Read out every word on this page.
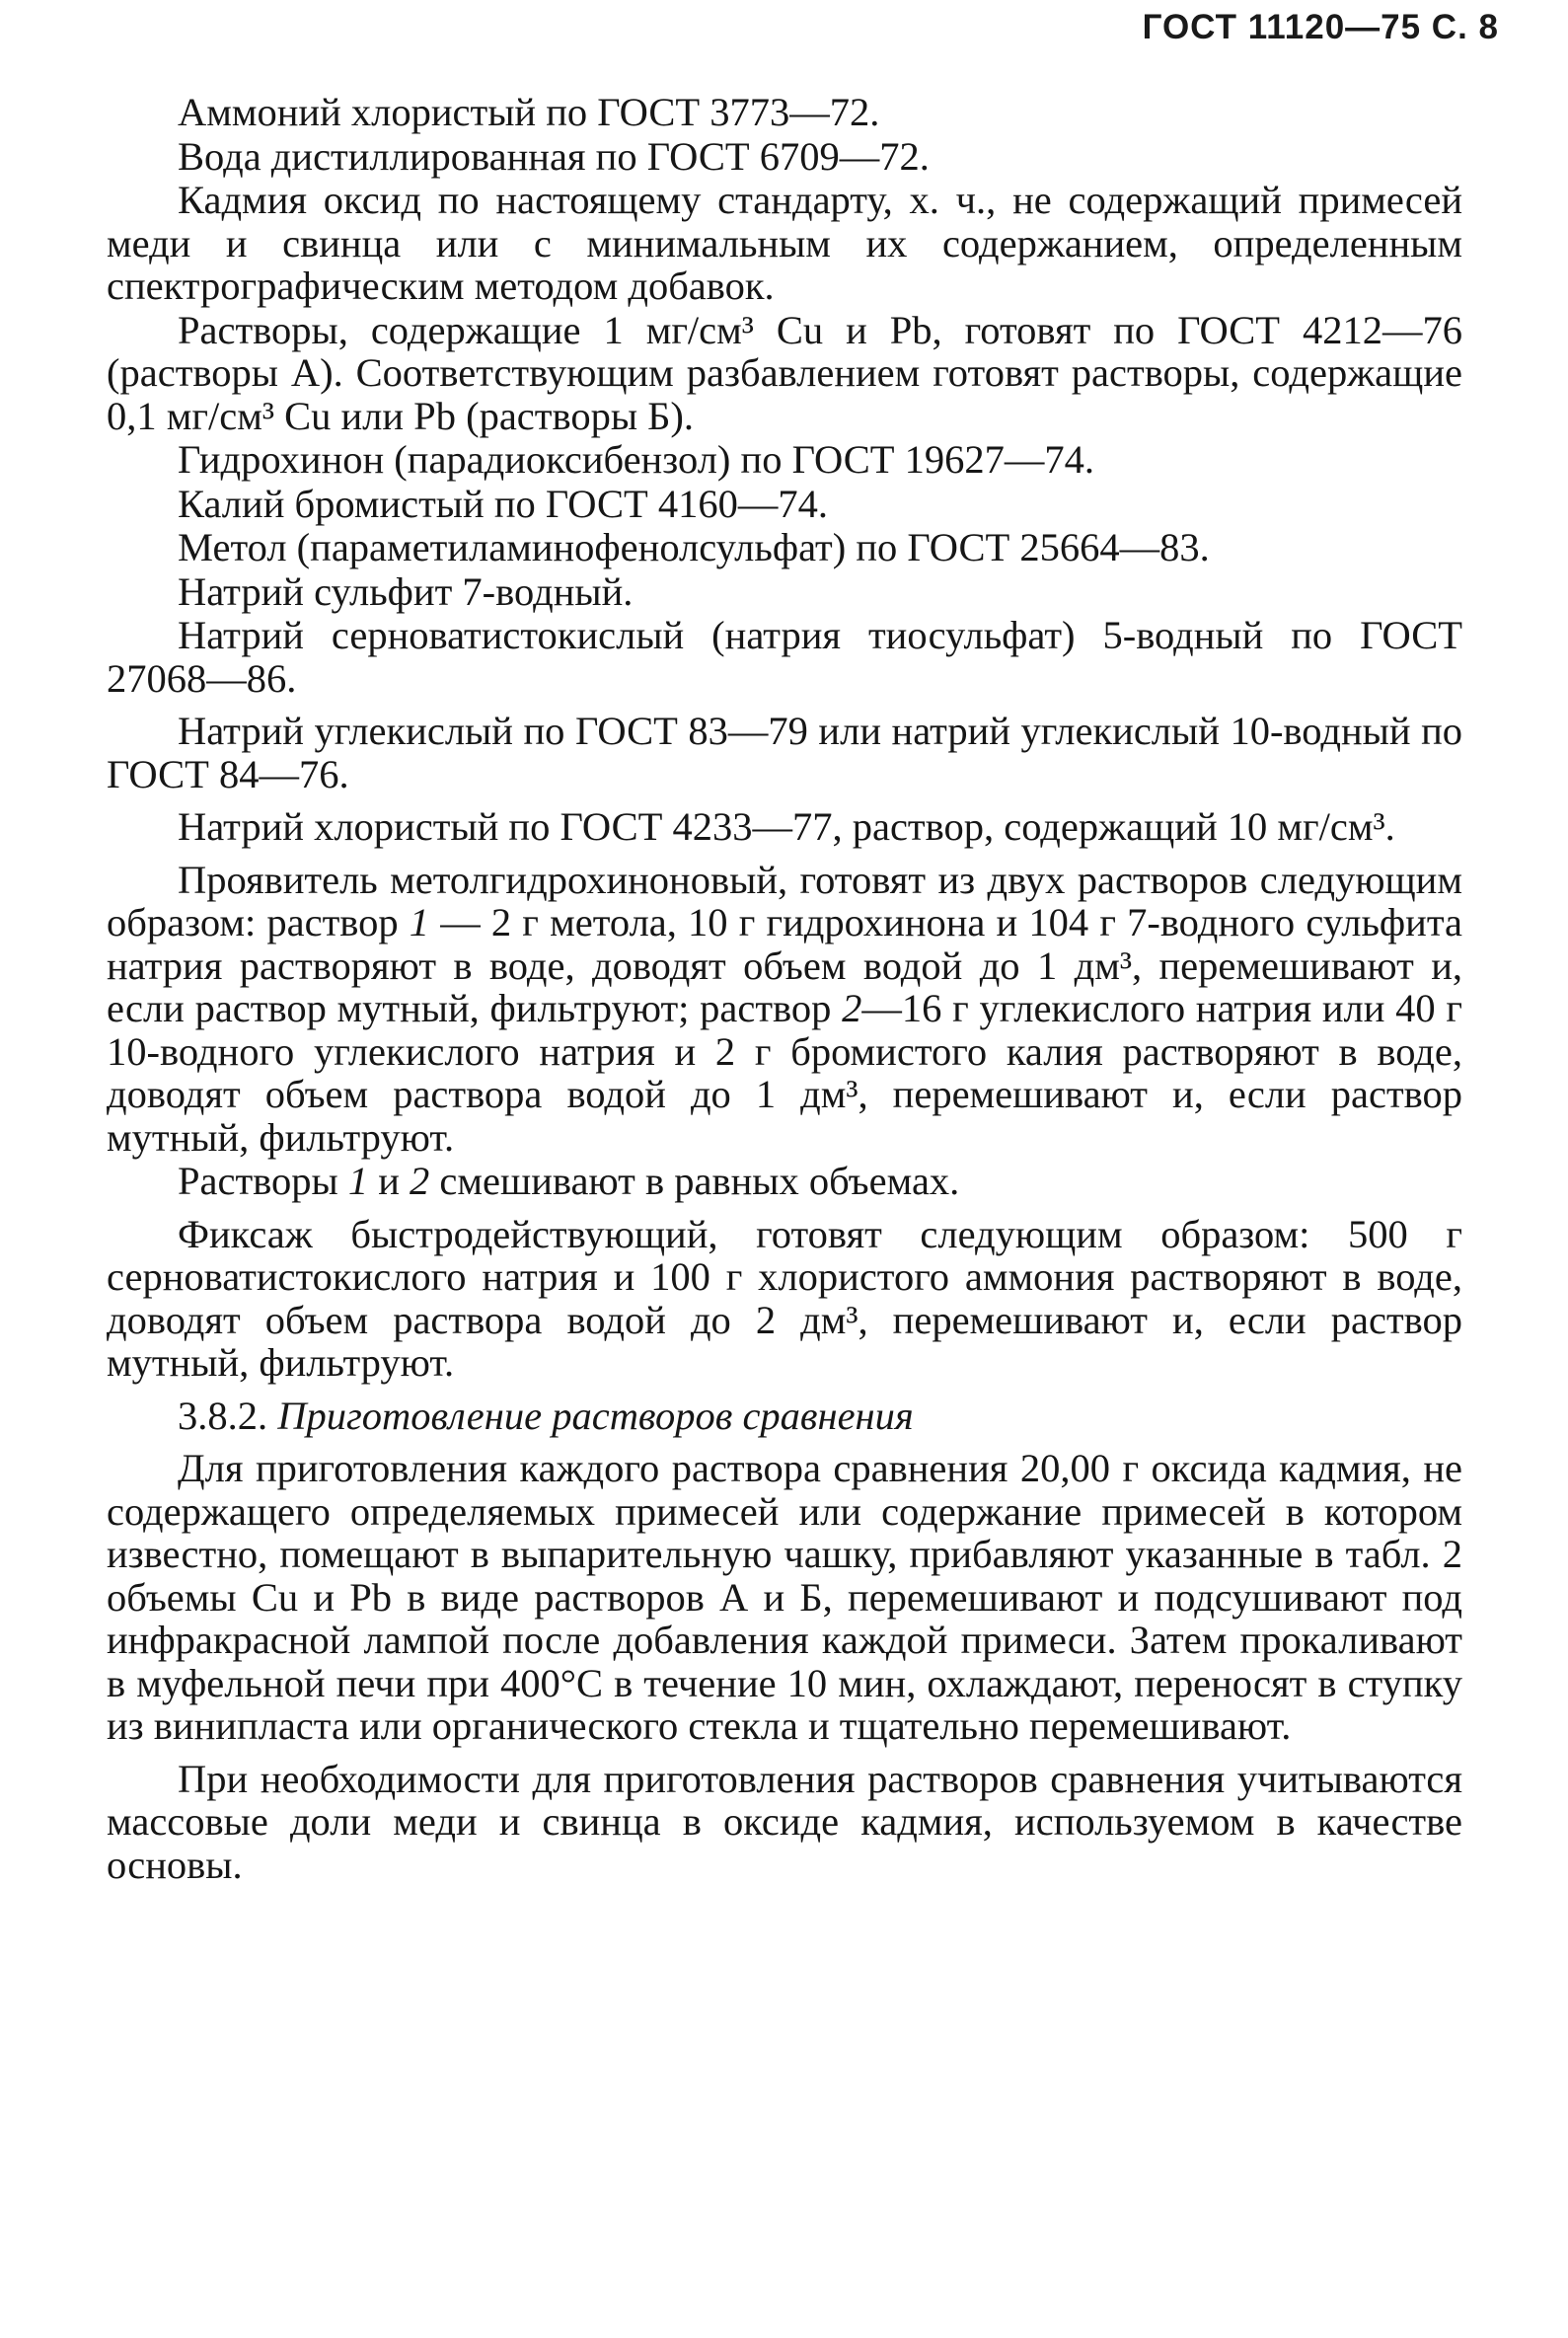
ГОСТ 11120—75 С. 8

Аммоний хлористый по ГОСТ 3773—72.

Вода дистиллированная по ГОСТ 6709—72.

Кадмия оксид по настоящему стандарту, х. ч., не содержащий примесей меди и свинца или с минимальным их содержанием, определенным спектрографическим методом добавок.

Растворы, содержащие 1 мг/см³ Cu и Pb, готовят по ГОСТ 4212—76 (растворы А). Соответствующим разбавлением готовят растворы, содержащие 0,1 мг/см³ Cu или Pb (растворы Б).

Гидрохинон (парадиоксибензол) по ГОСТ 19627—74.

Калий бромистый по ГОСТ 4160—74.

Метол (параметиламинофенолсульфат) по ГОСТ 25664—83.

Натрий сульфит 7-водный.

Натрий серноватистокислый (натрия тиосульфат) 5-водный по ГОСТ 27068—86.

Натрий углекислый по ГОСТ 83—79 или натрий углекислый 10-водный по ГОСТ 84—76.

Натрий хлористый по ГОСТ 4233—77, раствор, содержащий 10 мг/см³.

Проявитель метолгидрохиноновый, готовят из двух растворов следующим образом: раствор 1 — 2 г метола, 10 г гидрохинона и 104 г 7-водного сульфита натрия растворяют в воде, доводят объем водой до 1 дм³, перемешивают и, если раствор мутный, фильтруют; раствор 2—16 г углекислого натрия или 40 г 10-водного углекислого натрия и 2 г бромистого калия растворяют в воде, доводят объем раствора водой до 1 дм³, перемешивают и, если раствор мутный, фильтруют.

Растворы 1 и 2 смешивают в равных объемах.

Фиксаж быстродействующий, готовят следующим образом: 500 г серноватистокислого натрия и 100 г хлористого аммония растворяют в воде, доводят объем раствора водой до 2 дм³, перемешивают и, если раствор мутный, фильтруют.

3.8.2. Приготовление растворов сравнения

Для приготовления каждого раствора сравнения 20,00 г оксида кадмия, не содержащего определяемых примесей или содержание примесей в котором известно, помещают в выпарительную чашку, прибавляют указанные в табл. 2 объемы Cu и Pb в виде растворов А и Б, перемешивают и подсушивают под инфракрасной лампой после добавления каждой примеси. Затем прокаливают в муфельной печи при 400°С в течение 10 мин, охлаждают, переносят в ступку из винипласта или органического стекла и тщательно перемешивают.

При необходимости для приготовления растворов сравнения учитываются массовые доли меди и свинца в оксиде кадмия, используемом в качестве основы.
